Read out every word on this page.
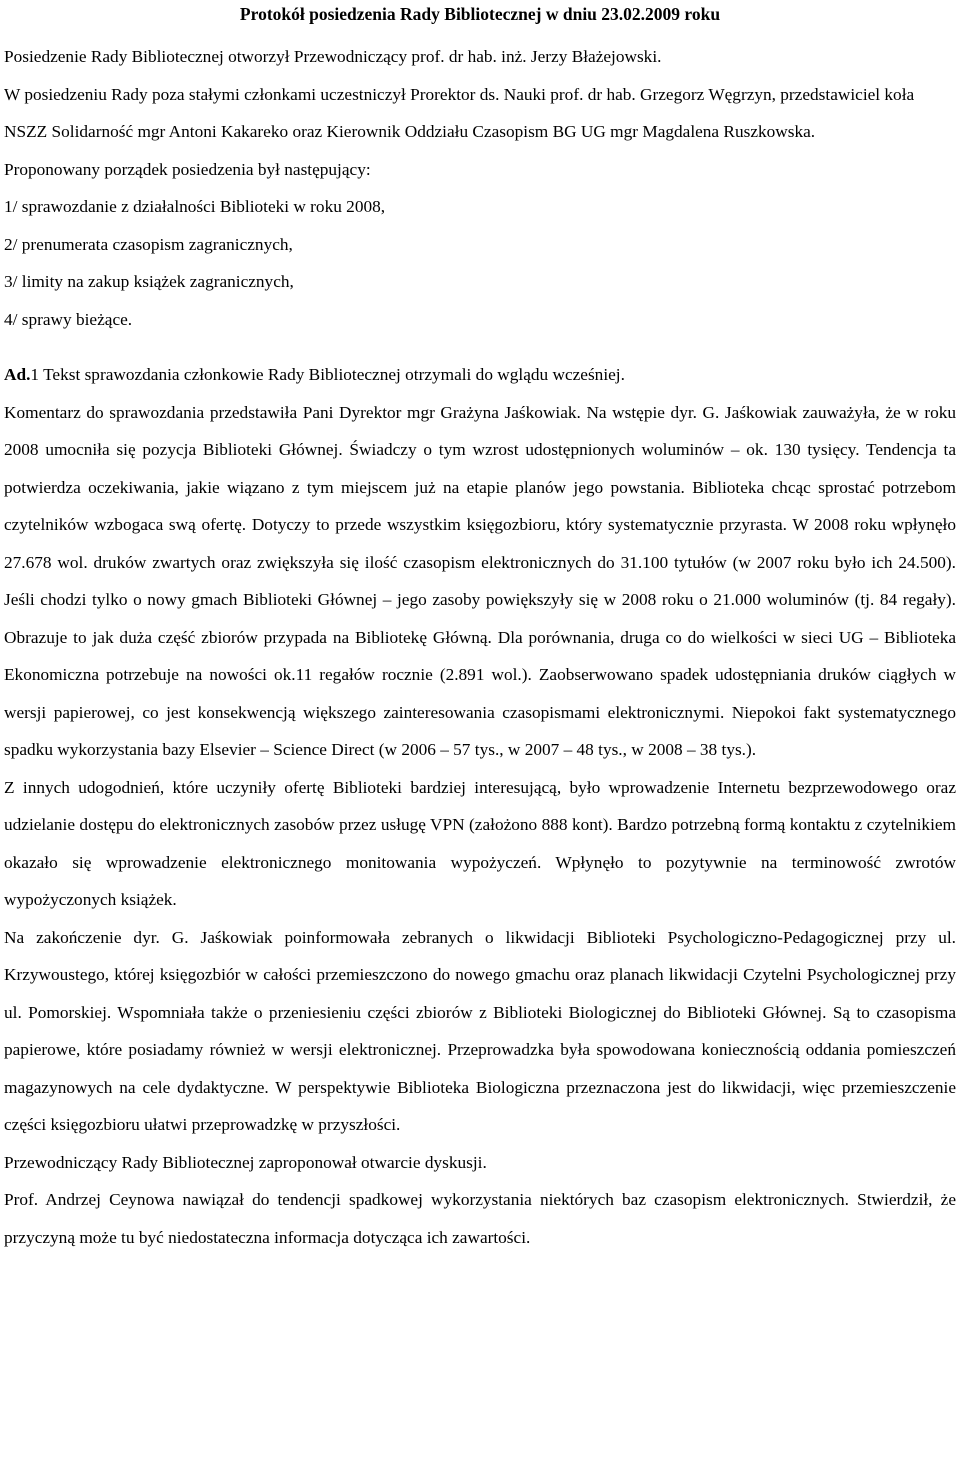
Protokół posiedzenia Rady Bibliotecznej w dniu 23.02.2009 roku

Posiedzenie Rady Bibliotecznej otworzył Przewodniczący prof. dr hab. inż. Jerzy Błażejowski.

W posiedzeniu Rady poza stałymi członkami uczestniczył Prorektor ds. Nauki prof. dr hab. Grzegorz Węgrzyn, przedstawiciel koła NSZZ Solidarność mgr Antoni Kakareko oraz Kierownik Oddziału Czasopism BG UG mgr Magdalena Ruszkowska.

Proponowany porządek posiedzenia był następujący:

1/ sprawozdanie z działalności Biblioteki w roku 2008,
2/ prenumerata czasopism zagranicznych,
3/ limity na zakup książek zagranicznych,
4/ sprawy bieżące.

Ad.1 Tekst sprawozdania członkowie Rady Bibliotecznej otrzymali do wglądu wcześniej.

Komentarz do sprawozdania przedstawiła Pani Dyrektor mgr Grażyna Jaśkowiak. Na wstępie dyr. G. Jaśkowiak zauważyła, że w roku 2008 umocniła się pozycja Biblioteki Głównej. Świadczy o tym wzrost udostępnionych woluminów – ok. 130 tysięcy. Tendencja ta potwierdza oczekiwania, jakie wiązano z tym miejscem już na etapie planów jego powstania. Biblioteka chcąc sprostać potrzebom czytelników wzbogaca swą ofertę. Dotyczy to przede wszystkim księgozbioru, który systematycznie przyrasta. W 2008 roku wpłynęło 27.678 wol. druków zwartych oraz zwiększyła się ilość czasopism elektronicznych do 31.100 tytułów (w 2007 roku było ich 24.500). Jeśli chodzi tylko o nowy gmach Biblioteki Głównej – jego zasoby powiększyły się w 2008 roku o 21.000 woluminów (tj. 84 regały). Obrazuje to jak duża część zbiorów przypada na Bibliotekę Główną. Dla porównania, druga co do wielkości w sieci UG – Biblioteka Ekonomiczna potrzebuje na nowości ok.11 regałów rocznie (2.891 wol.). Zaobserwowano spadek udostępniania druków ciągłych w wersji papierowej, co jest konsekwencją większego zainteresowania czasopismami elektronicznymi. Niepokoi fakt systematycznego spadku wykorzystania bazy Elsevier – Science Direct (w 2006 – 57 tys., w 2007 – 48 tys., w 2008 – 38 tys.).

Z innych udogodnień, które uczyniły ofertę Biblioteki bardziej interesującą, było wprowadzenie Internetu bezprzewodowego oraz udzielanie dostępu do elektronicznych zasobów przez usługę VPN (założono 888 kont). Bardzo potrzebną formą kontaktu z czytelnikiem okazało się wprowadzenie elektronicznego monitowania wypożyczeń. Wpłynęło to pozytywnie na terminowość zwrotów wypożyczonych książek.

Na zakończenie dyr. G. Jaśkowiak poinformowała zebranych o likwidacji Biblioteki Psychologiczno-Pedagogicznej przy ul. Krzywoustego, której księgozbiór w całości przemieszczono do nowego gmachu oraz planach likwidacji Czytelni Psychologicznej przy ul. Pomorskiej. Wspomniała także o przeniesieniu części zbiorów z Biblioteki Biologicznej do Biblioteki Głównej. Są to czasopisma papierowe, które posiadamy również w wersji elektronicznej. Przeprowadzka była spowodowana koniecznością oddania pomieszczeń magazynowych na cele dydaktyczne. W perspektywie Biblioteka Biologiczna przeznaczona jest do likwidacji, więc przemieszczenie części księgozbioru ułatwi przeprowadzkę w przyszłości.

Przewodniczący Rady Bibliotecznej zaproponował otwarcie dyskusji.

Prof. Andrzej Ceynowa nawiązał do tendencji spadkowej wykorzystania niektórych baz czasopism elektronicznych. Stwierdził, że przyczyną może tu być niedostateczna informacja dotycząca ich zawartości.
